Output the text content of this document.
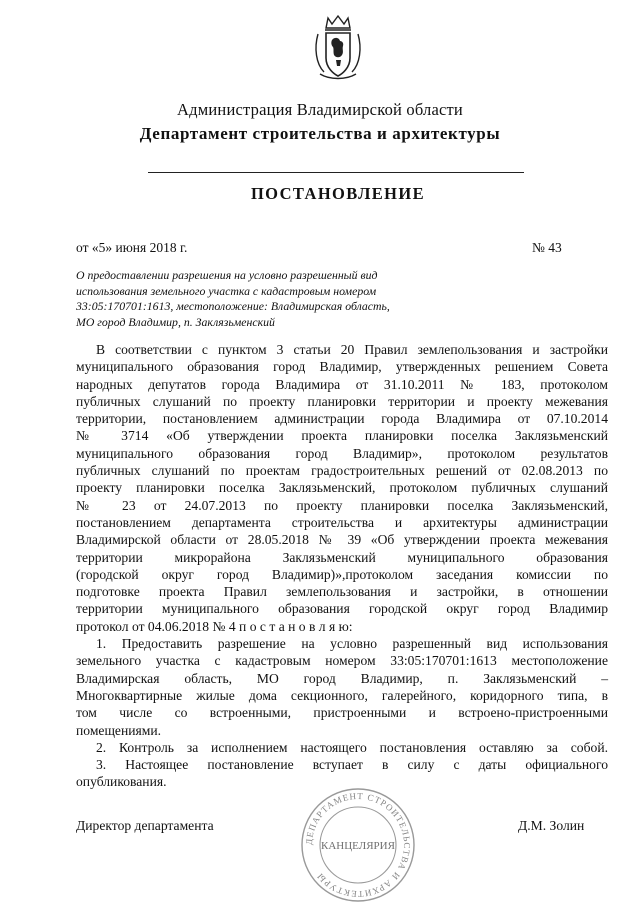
Администрация Владимирской области
Департамент строительства и архитектуры
ПОСТАНОВЛЕНИЕ
от «5» июня 2018 г.	№ 43
О предоставлении разрешения на условно разрешенный вид
использования земельного участка с кадастровым номером
33:05:170701:1613, местоположение: Владимирская область,
МО город Владимир, п. Заклязьменский

В соответствии с пунктом 3 статьи 20 Правил землепользования и застройки

муниципального образования город Владимир, утвержденных решением Совета

народных депутатов города Владимира от 31.10.2011 № 183, протоколом

публичных слушаний по проекту планировки территории и проекту межевания

территории, постановлением администрации города Владимира от 07.10.2014

№ 3714 «Об утверждении проекта планировки поселка Заклязьменский

муниципального образования город Владимир», протоколом результатов

публичных слушаний по проектам градостроительных решений от 02.08.2013 по

проекту планировки поселка Заклязьменский, протоколом публичных слушаний

№ 23 от 24.07.2013 по проекту планировки поселка Заклязьменский,

постановлением департамента строительства и архитектуры администрации

Владимирской области от 28.05.2018 № 39 «Об утверждении проекта межевания

территории микрорайона Заклязьменский муниципального образования

(городской округ город Владимир)»,протоколом заседания комиссии по

подготовке проекта Правил землепользования и застройки, в отношении

территории муниципального образования городской округ город Владимир

протокол от 04.06.2018 № 4 п о с т а н о в л я ю:

1. Предоставить разрешение на условно разрешенный вид использования

земельного участка с кадастровым номером 33:05:170701:1613 местоположение

Владимирская область, МО город Владимир, п. Заклязьменский –

Многоквартирные жилые дома секционного, галерейного, коридорного типа, в

том числе со встроенными, пристроенными и встроено-пристроенными

помещениями.

2. Контроль за исполнением настоящего постановления оставляю за собой.

3. Настоящее постановление вступает в силу с даты официального

опубликования.

Директор департамента	Д.М. Золин
ДЕПАРТАМЕНТ СТРОИТЕЛЬСТВА И АРХИТЕКТУРЫ
КАНЦЕЛЯРИЯ
